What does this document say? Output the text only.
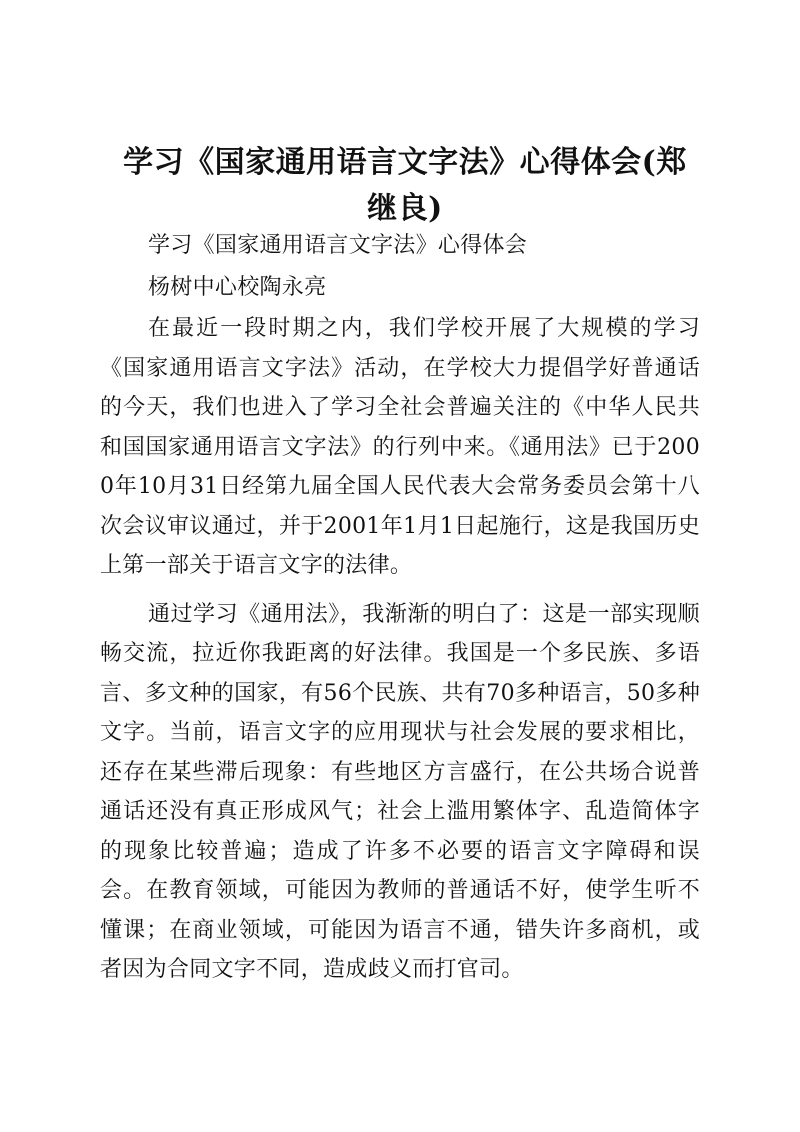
学习《国家通用语言文字法》心得体会(郑继良)

学习《国家通用语言文字法》心得体会

杨树中心校陶永亮

在最近一段时期之内，我们学校开展了大规模的学习《国家通用语言文字法》活动，在学校大力提倡学好普通话的今天，我们也进入了学习全社会普遍关注的《中华人民共和国国家通用语言文字法》的行列中来。《通用法》已于2000年10月31日经第九届全国人民代表大会常务委员会第十八次会议审议通过，并于2001年1月1日起施行，这是我国历史上第一部关于语言文字的法律。

通过学习《通用法》，我渐渐的明白了：这是一部实现顺畅交流，拉近你我距离的好法律。我国是一个多民族、多语言、多文种的国家，有56个民族、共有70多种语言，50多种文字。当前，语言文字的应用现状与社会发展的要求相比，还存在某些滞后现象：有些地区方言盛行，在公共场合说普通话还没有真正形成风气；社会上滥用繁体字、乱造简体字的现象比较普遍；造成了许多不必要的语言文字障碍和误会。在教育领域，可能因为教师的普通话不好，使学生听不懂课；在商业领域，可能因为语言不通，错失许多商机，或者因为合同文字不同，造成歧义而打官司。
